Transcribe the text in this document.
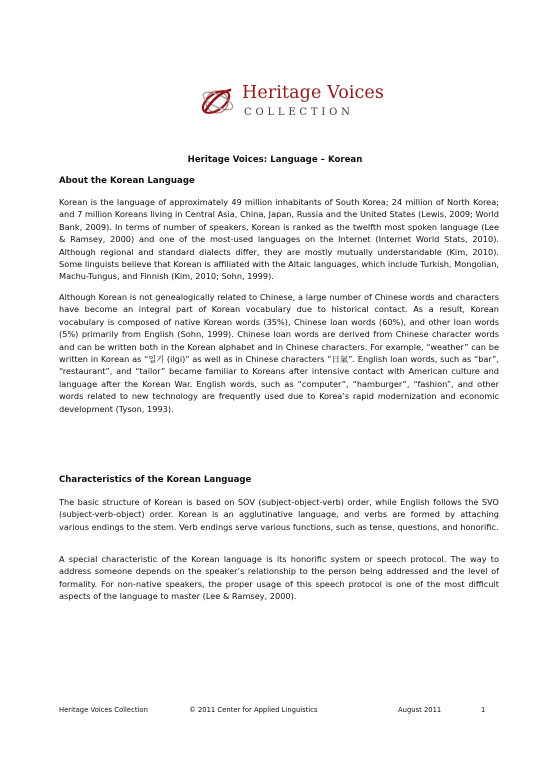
Heritage Voices
COLLECTION
Heritage Voices: Language – Korean
About the Korean Language

Korean is the language of approximately 49 million inhabitants of South Korea; 24 million of North Korea; and 7 million Koreans living in Central Asia, China, Japan, Russia and the United States (Lewis, 2009; World Bank, 2009). In terms of number of speakers, Korean is ranked as the twelfth most spoken language (Lee & Ramsey, 2000) and one of the most-used languages on the Internet (Internet World Stats, 2010). Although regional and standard dialects differ, they are mostly mutually understandable (Kim, 2010). Some linguists believe that Korean is affiliated with the Altaic languages, which include Turkish, Mongolian, Machu-Tungus, and Finnish (Kim, 2010; Sohn, 1999).

Although Korean is not genealogically related to Chinese, a large number of Chinese words and characters have become an integral part of Korean vocabulary due to historical contact. As a result, Korean vocabulary is composed of native Korean words (35%), Chinese loan words (60%), and other loan words (5%) primarily from English (Sohn, 1999). Chinese loan words are derived from Chinese character words and can be written both in the Korean alphabet and in Chinese characters. For example, “weather” can be written in Korean as “일기 (ilgi)” as well as in Chinese characters “日氣”. English loan words, such as “bar”, “restaurant”, and “tailor” became familiar to Koreans after intensive contact with American culture and language after the Korean War. English words, such as “computer”, “hamburger”, “fashion”, and other words related to new technology are frequently used due to Korea’s rapid modernization and economic development (Tyson, 1993).

Characteristics of the Korean Language

The basic structure of Korean is based on SOV (subject-object-verb) order, while English follows the SVO (subject-verb-object) order. Korean is an agglutinative language, and verbs are formed by attaching various endings to the stem. Verb endings serve various functions, such as tense, questions, and honorific.

A special characteristic of the Korean language is its honorific system or speech protocol. The way to address someone depends on the speaker’s relationship to the person being addressed and the level of formality. For non-native speakers, the proper usage of this speech protocol is one of the most difficult aspects of the language to master (Lee & Ramsey, 2000).

Heritage Voices Collection	© 2011 Center for Applied Linguistics	August 2011	1
